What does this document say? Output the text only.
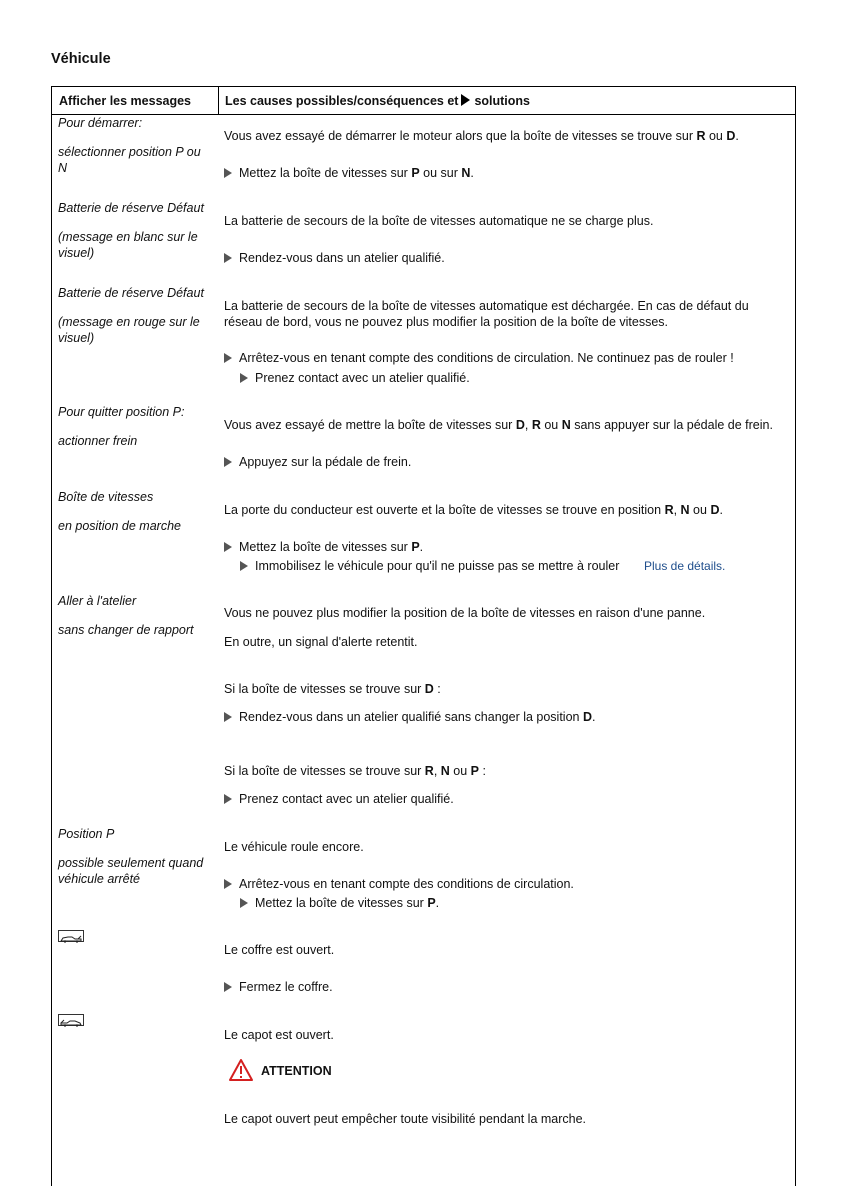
Véhicule
Afficher les messages	Les causes possibles/conséquences et solutions
Pour démarrer:
sélectionner position P ou
N
Vous avez essayé de démarrer le moteur alors que la boîte de vitesses se trouve sur R ou D.
Mettez la boîte de vitesses sur P ou sur N.
Batterie de réserve Défaut
(message en blanc sur le
visuel)
La batterie de secours de la boîte de vitesses automatique ne se charge plus.
Rendez-vous dans un atelier qualifié.
Batterie de réserve Défaut
(message en rouge sur le
visuel)
La batterie de secours de la boîte de vitesses automatique est déchargée. En cas de défaut du
réseau de bord, vous ne pouvez plus modifier la position de la boîte de vitesses.
Arrêtez-vous en tenant compte des conditions de circulation. Ne continuez pas de rouler !
Prenez contact avec un atelier qualifié.
Pour quitter position P:
actionner frein
Vous avez essayé de mettre la boîte de vitesses sur D, R ou N sans appuyer sur la pédale de frein.
Appuyez sur la pédale de frein.
Boîte de vitesses
en position de marche
La porte du conducteur est ouverte et la boîte de vitesses se trouve en position R, N ou D.
Mettez la boîte de vitesses sur P.
Immobilisez le véhicule pour qu'il ne puisse pas se mettre à rouler Plus de détails.
Aller à l'atelier
sans changer de rapport
Vous ne pouvez plus modifier la position de la boîte de vitesses en raison d'une panne.
En outre, un signal d'alerte retentit.
Si la boîte de vitesses se trouve sur D :
Rendez-vous dans un atelier qualifié sans changer la position D.
Si la boîte de vitesses se trouve sur R, N ou P :
Prenez contact avec un atelier qualifié.
Position P
possible seulement quand
véhicule arrêté
Le véhicule roule encore.
Arrêtez-vous en tenant compte des conditions de circulation.
Mettez la boîte de vitesses sur P.
Le coffre est ouvert.
Fermez le coffre.
Le capot est ouvert.
ATTENTION
Le capot ouvert peut empêcher toute visibilité pendant la marche.
